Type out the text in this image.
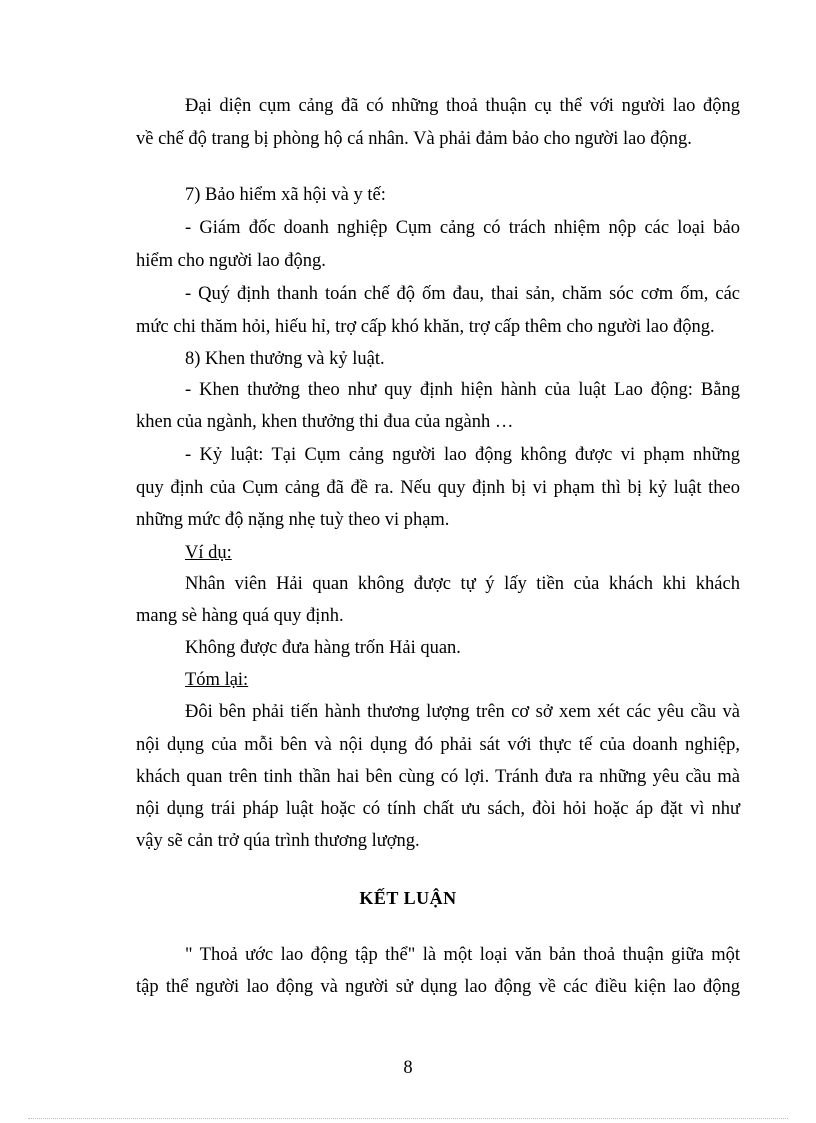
Đại diện cụm cảng đã có những thoả thuận cụ thể với người lao động
về chế độ trang bị phòng hộ cá nhân. Và phải đảm bảo cho người lao động.
7) Bảo hiểm xã hội và y tế:
- Giám đốc doanh nghiệp Cụm cảng có trách nhiệm nộp các loại bảo
hiểm cho người lao động.
- Quý định thanh toán chế độ ốm đau, thai sản, chăm sóc cơm ốm, các
mức chi thăm hỏi, hiếu hỉ, trợ cấp khó khăn, trợ cấp thêm cho người lao động.
8) Khen thưởng và kỷ luật.
- Khen thưởng theo như quy định hiện hành của luật Lao động: Bằng
khen của ngành, khen thưởng thi đua của ngành …
- Kỷ luật: Tại Cụm cảng người lao động không được vi phạm những
quy định của Cụm cảng đã đề ra. Nếu quy định bị vi phạm thì bị kỷ luật theo
những mức độ nặng nhẹ tuỳ theo vi phạm.
Ví dụ:
Nhân viên Hải quan không được tự ý lấy tiền của khách khi khách
mang sè hàng quá quy định.
Không được đưa hàng trốn Hải quan.
Tóm lại:
Đôi bên phải tiến hành thương lượng trên cơ sở xem xét các yêu cầu và
nội dụng của mỗi bên và nội dụng đó phải sát với thực tế của doanh nghiệp,
khách quan trên tinh thần hai bên cùng có lợi. Tránh đưa ra những yêu cầu mà
nội dụng trái pháp luật hoặc có tính chất ưu sách, đòi hỏi hoặc áp đặt vì như
vậy sẽ cản trở qúa trình thương lượng.
KẾT LUẬN
" Thoả ước lao động tập thể" là một loại văn bản thoả thuận giữa một
tập thể người lao động và người sử dụng lao động về các điều kiện lao động
8
